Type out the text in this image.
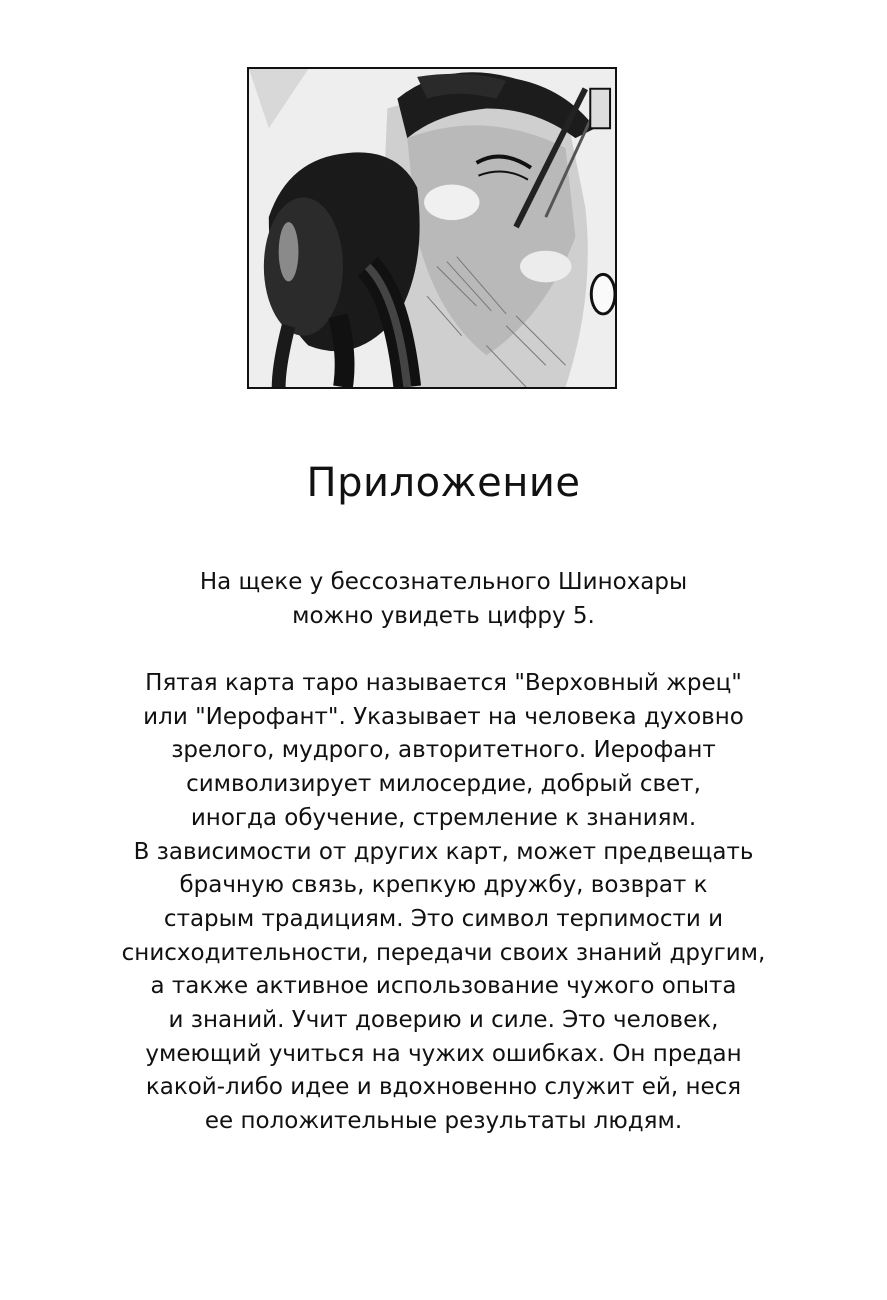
Приложение

На щеке у бессознательного Шинохары
можно увидеть цифру 5.

Пятая карта таро называется "Верховный жрец"
или "Иерофант". Указывает на человека духовно
зрелого, мудрого, авторитетного. Иерофант
символизирует милосердие, добрый свет,
иногда обучение, стремление к знаниям.
В зависимости от других карт, может предвещать
брачную связь, крепкую дружбу, возврат к
старым традициям. Это символ терпимости и
снисходительности, передачи своих знаний другим,
а также активное использование чужого опыта
и знаний. Учит доверию и силе. Это человек,
умеющий учиться на чужих ошибках. Он предан
какой-либо идее и вдохновенно служит ей, неся
ее положительные результаты людям.
